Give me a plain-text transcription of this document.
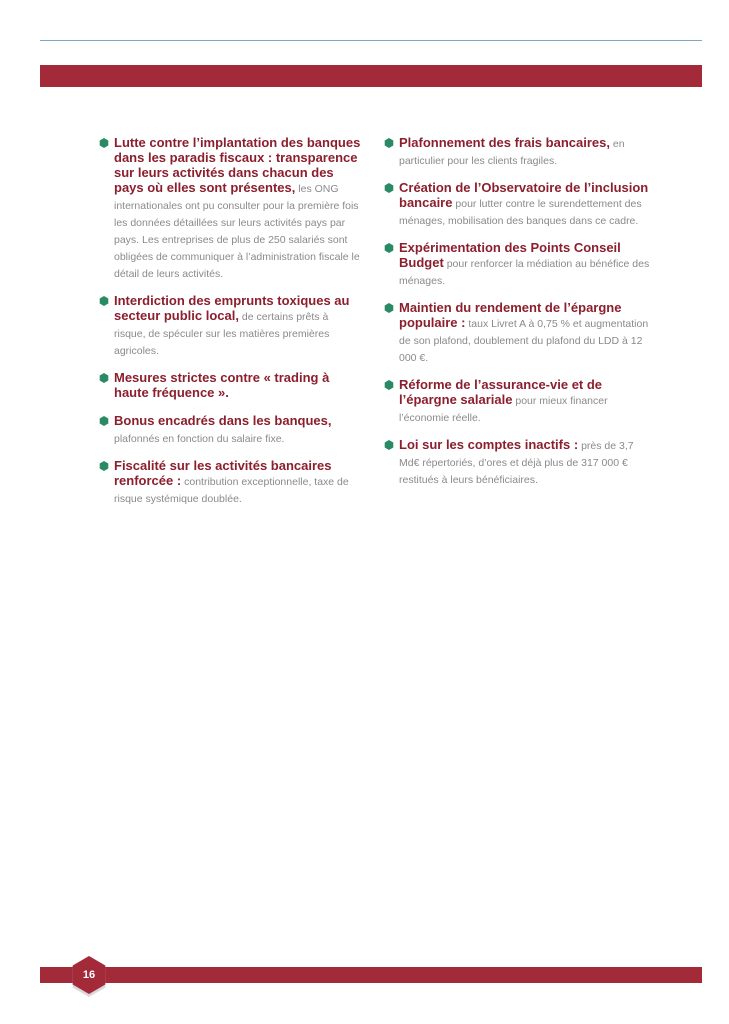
Lutte contre l’implantation des banques dans les paradis fiscaux : transparence sur leurs activités dans chacun des pays où elles sont présentes, les ONG internationales ont pu consulter pour la première fois les données détaillées sur leurs activités pays par pays. Les entreprises de plus de 250 salariés sont obligées de communiquer à l’administration fiscale le détail de leurs activités.
Interdiction des emprunts toxiques au secteur public local, de certains prêts à risque, de spéculer sur les matières premières agricoles.
Mesures strictes contre « trading à haute fréquence ».
Bonus encadrés dans les banques, plafonnés en fonction du salaire fixe.
Fiscalité sur les activités bancaires renforcée : contribution exceptionnelle, taxe de risque systémique doublée.
Plafonnement des frais bancaires, en particulier pour les clients fragiles.
Création de l’Observatoire de l’inclusion bancaire pour lutter contre le surendettement des ménages, mobilisation des banques dans ce cadre.
Expérimentation des Points Conseil Budget pour renforcer la médiation au bénéfice des ménages.
Maintien du rendement de l’épargne populaire : taux Livret A à 0,75 % et augmentation de son plafond, doublement du plafond du LDD à 12 000 €.
Réforme de l’assurance-vie et de l’épargne salariale pour mieux financer l’économie réelle.
Loi sur les comptes inactifs : près de 3,7 Md€ répertoriés, d’ores et déjà plus de 317 000 € restitués à leurs bénéficiaires.
16
